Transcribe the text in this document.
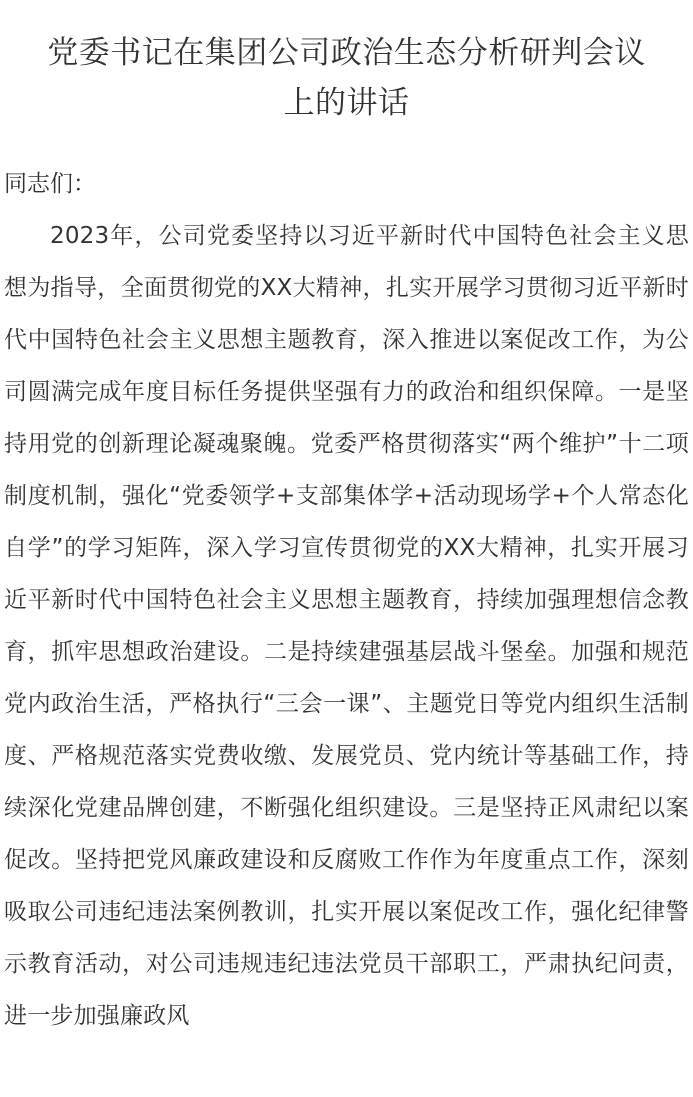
党委书记在集团公司政治生态分析研判会议
上的讲话

同志们：

2023年，公司党委坚持以习近平新时代中国特色社会主义思想为指导，全面贯彻党的XX大精神，扎实开展学习贯彻习近平新时代中国特色社会主义思想主题教育，深入推进以案促改工作，为公司圆满完成年度目标任务提供坚强有力的政治和组织保障。一是坚持用党的创新理论凝魂聚魄。党委严格贯彻落实“两个维护”十二项制度机制，强化“党委领学+支部集体学+活动现场学+个人常态化自学”的学习矩阵，深入学习宣传贯彻党的XX大精神，扎实开展习近平新时代中国特色社会主义思想主题教育，持续加强理想信念教育，抓牢思想政治建设。二是持续建强基层战斗堡垒。加强和规范党内政治生活，严格执行“三会一课”、主题党日等党内组织生活制度、严格规范落实党费收缴、发展党员、党内统计等基础工作，持续深化党建品牌创建，不断强化组织建设。三是坚持正风肃纪以案促改。坚持把党风廉政建设和反腐败工作作为年度重点工作，深刻吸取公司违纪违法案例教训，扎实开展以案促改工作，强化纪律警示教育活动，对公司违规违纪违法党员干部职工，严肃执纪问责，进一步加强廉政风
